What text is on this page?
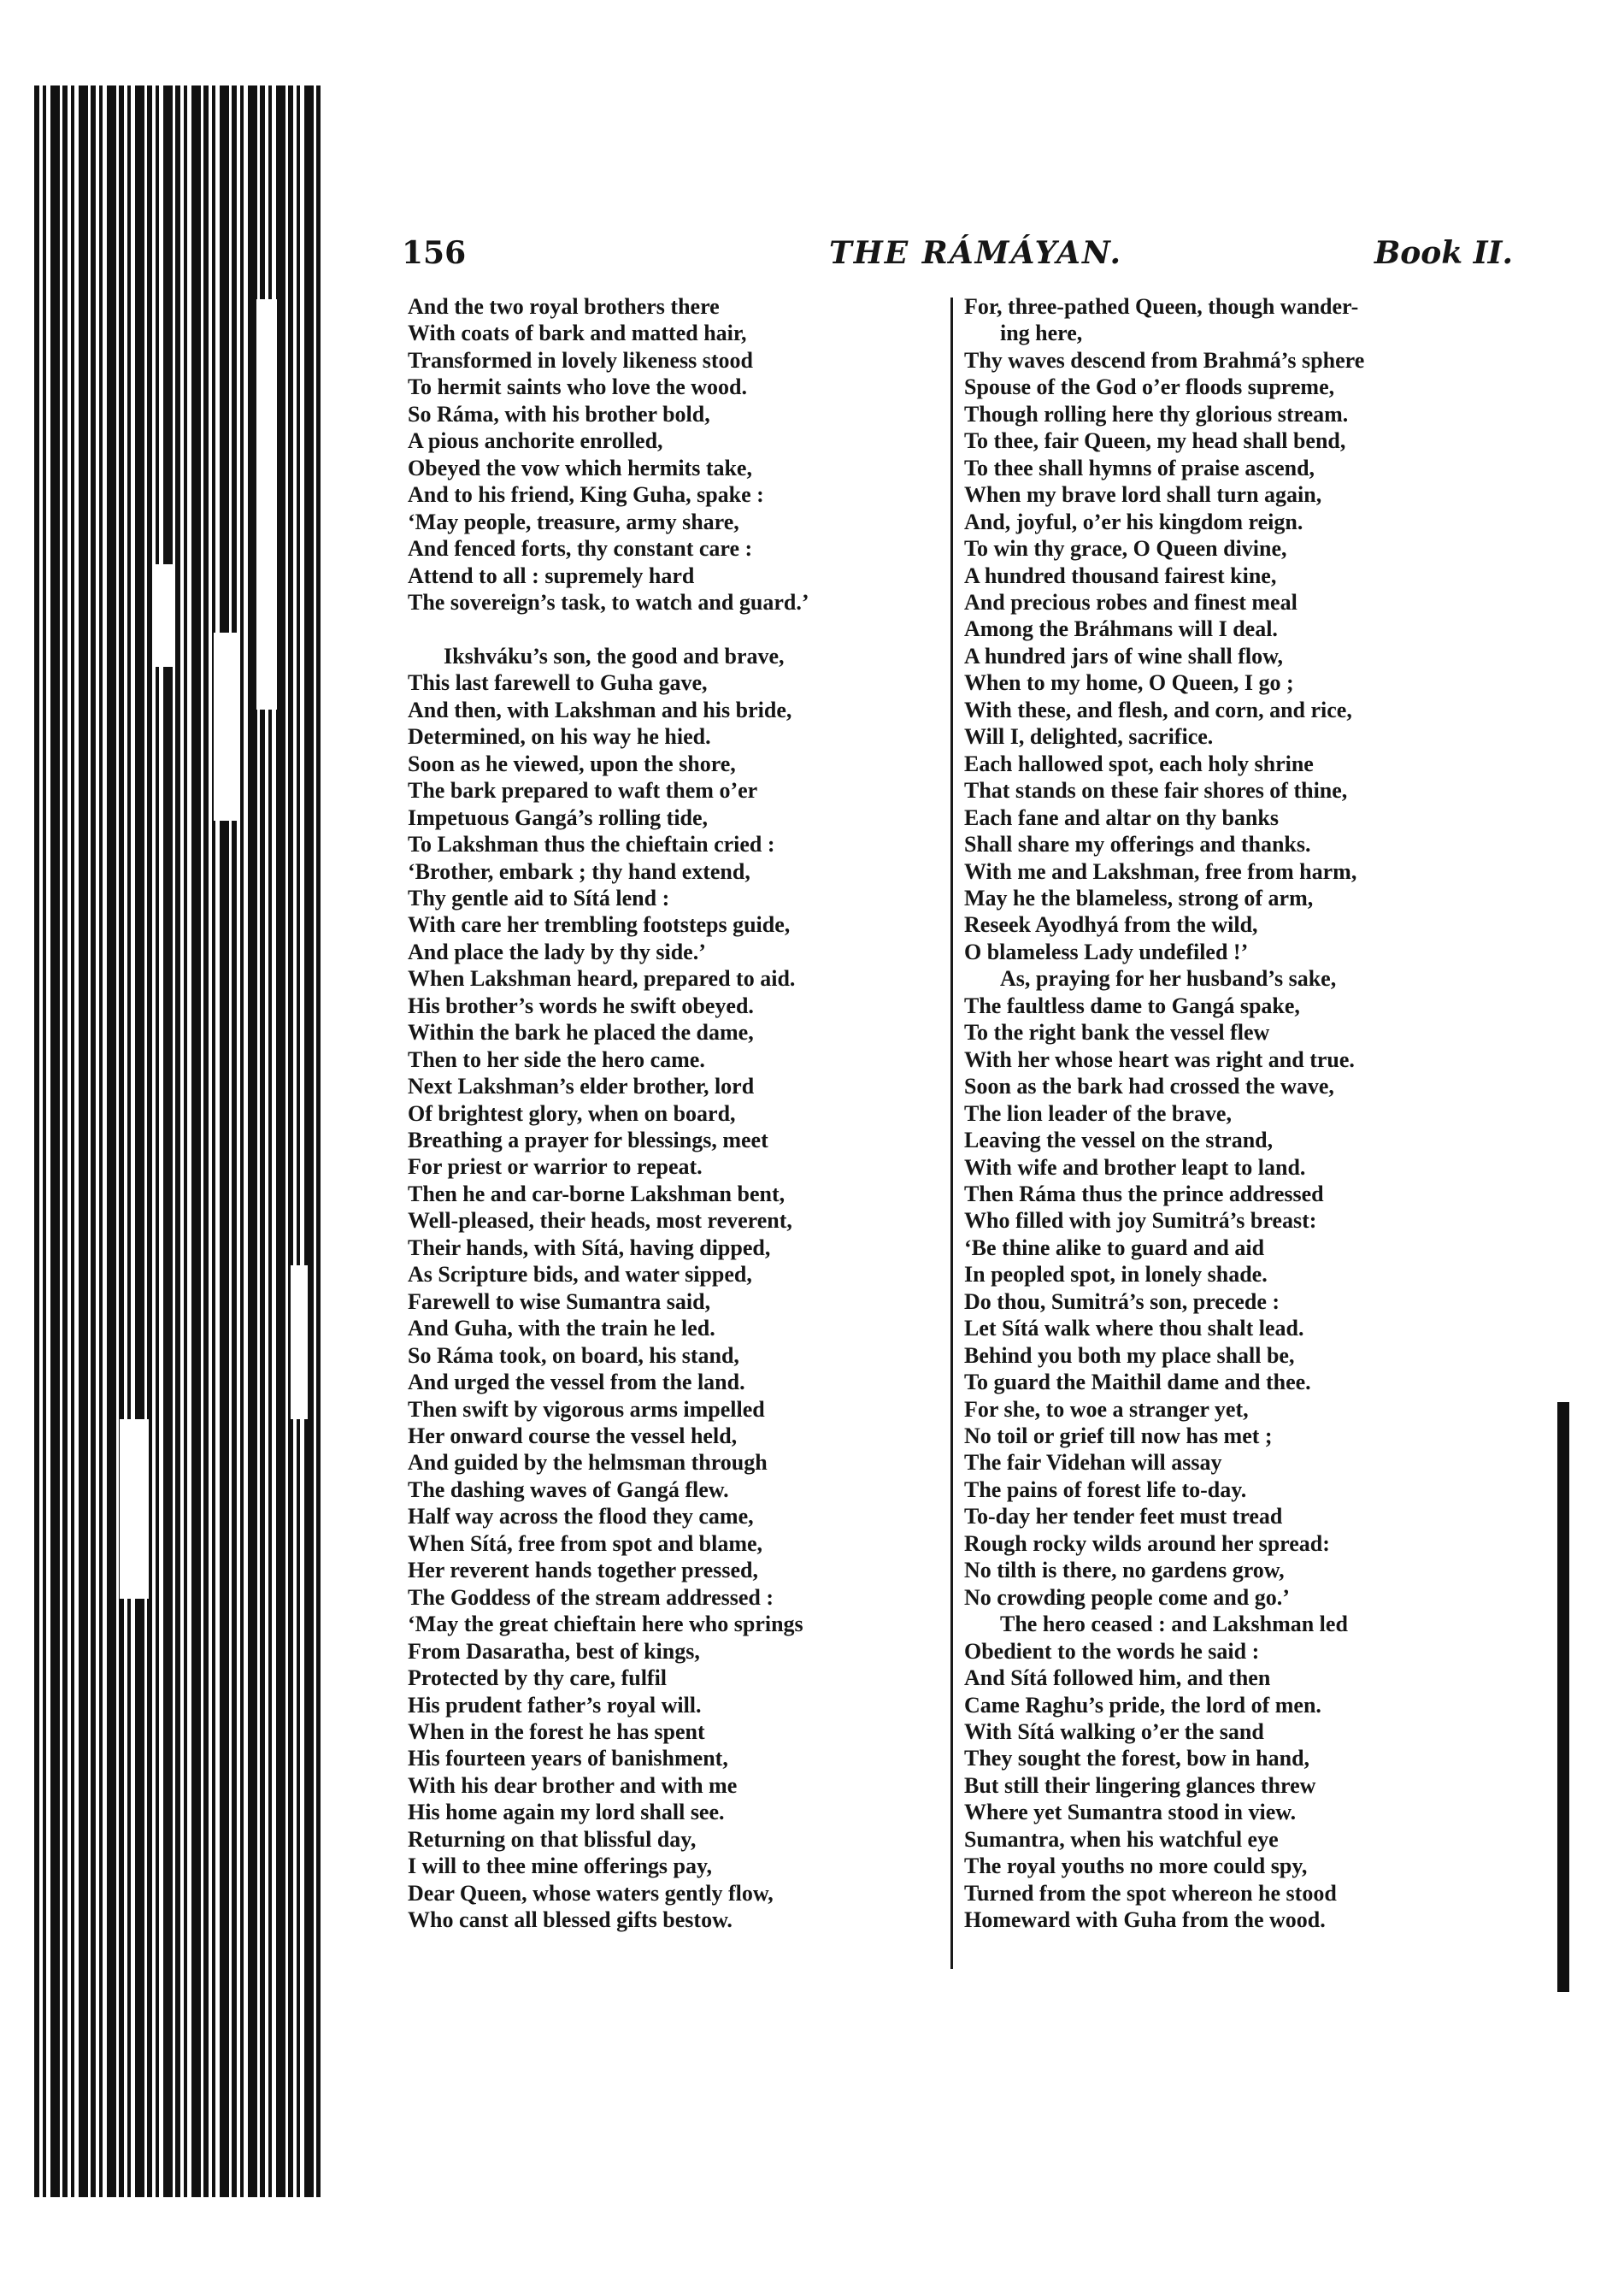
156	THE RÁMÁYAN.	Book II.
And the two royal brothers there
With coats of bark and matted hair,
Transformed in lovely likeness stood
To hermit saints who love the wood.
So Ráma, with his brother bold,
A pious anchorite enrolled,
Obeyed the vow which hermits take,
And to his friend, King Guha, spake :
‘May people, treasure, army share,
And fenced forts, thy constant care :
Attend to all : supremely hard
The sovereign’s task, to watch and guard.’
Ikshváku’s son, the good and brave,
This last farewell to Guha gave,
And then, with Lakshman and his bride,
Determined, on his way he hied.
Soon as he viewed, upon the shore,
The bark prepared to waft them o’er
Impetuous Gangá’s rolling tide,
To Lakshman thus the chieftain cried :
‘Brother, embark ; thy hand extend,
Thy gentle aid to Sítá lend :
With care her trembling footsteps guide,
And place the lady by thy side.’
When Lakshman heard, prepared to aid.
His brother’s words he swift obeyed.
Within the bark he placed the dame,
Then to her side the hero came.
Next Lakshman’s elder brother, lord
Of brightest glory, when on board,
Breathing a prayer for blessings, meet
For priest or warrior to repeat.
Then he and car-borne Lakshman bent,
Well-pleased, their heads, most reverent,
Their hands, with Sítá, having dipped,
As Scripture bids, and water sipped,
Farewell to wise Sumantra said,
And Guha, with the train he led.
So Ráma took, on board, his stand,
And urged the vessel from the land.
Then swift by vigorous arms impelled
Her onward course the vessel held,
And guided by the helmsman through
The dashing waves of Gangá flew.
Half way across the flood they came,
When Sítá, free from spot and blame,
Her reverent hands together pressed,
The Goddess of the stream addressed :
‘May the great chieftain here who springs
From Dasaratha, best of kings,
Protected by thy care, fulfil
His prudent father’s royal will.
When in the forest he has spent
His fourteen years of banishment,
With his dear brother and with me
His home again my lord shall see.
Returning on that blissful day,
I will to thee mine offerings pay,
Dear Queen, whose waters gently flow,
Who canst all blessed gifts bestow.
For, three-pathed Queen, though wander-
ing here,
Thy waves descend from Brahmá’s sphere
Spouse of the God o’er floods supreme,
Though rolling here thy glorious stream.
To thee, fair Queen, my head shall bend,
To thee shall hymns of praise ascend,
When my brave lord shall turn again,
And, joyful, o’er his kingdom reign.
To win thy grace, O Queen divine,
A hundred thousand fairest kine,
And precious robes and finest meal
Among the Bráhmans will I deal.
A hundred jars of wine shall flow,
When to my home, O Queen, I go ;
With these, and flesh, and corn, and rice,
Will I, delighted, sacrifice.
Each hallowed spot, each holy shrine
That stands on these fair shores of thine,
Each fane and altar on thy banks
Shall share my offerings and thanks.
With me and Lakshman, free from harm,
May he the blameless, strong of arm,
Reseek Ayodhyá from the wild,
O blameless Lady undefiled !’
As, praying for her husband’s sake,
The faultless dame to Gangá spake,
To the right bank the vessel flew
With her whose heart was right and true.
Soon as the bark had crossed the wave,
The lion leader of the brave,
Leaving the vessel on the strand,
With wife and brother leapt to land.
Then Ráma thus the prince addressed
Who filled with joy Sumitrá’s breast:
‘Be thine alike to guard and aid
In peopled spot, in lonely shade.
Do thou, Sumitrá’s son, precede :
Let Sítá walk where thou shalt lead.
Behind you both my place shall be,
To guard the Maithil dame and thee.
For she, to woe a stranger yet,
No toil or grief till now has met ;
The fair Videhan will assay
The pains of forest life to-day.
To-day her tender feet must tread
Rough rocky wilds around her spread:
No tilth is there, no gardens grow,
No crowding people come and go.’
The hero ceased : and Lakshman led
Obedient to the words he said :
And Sítá followed him, and then
Came Raghu’s pride, the lord of men.
With Sítá walking o’er the sand
They sought the forest, bow in hand,
But still their lingering glances threw
Where yet Sumantra stood in view.
Sumantra, when his watchful eye
The royal youths no more could spy,
Turned from the spot whereon he stood
Homeward with Guha from the wood.
